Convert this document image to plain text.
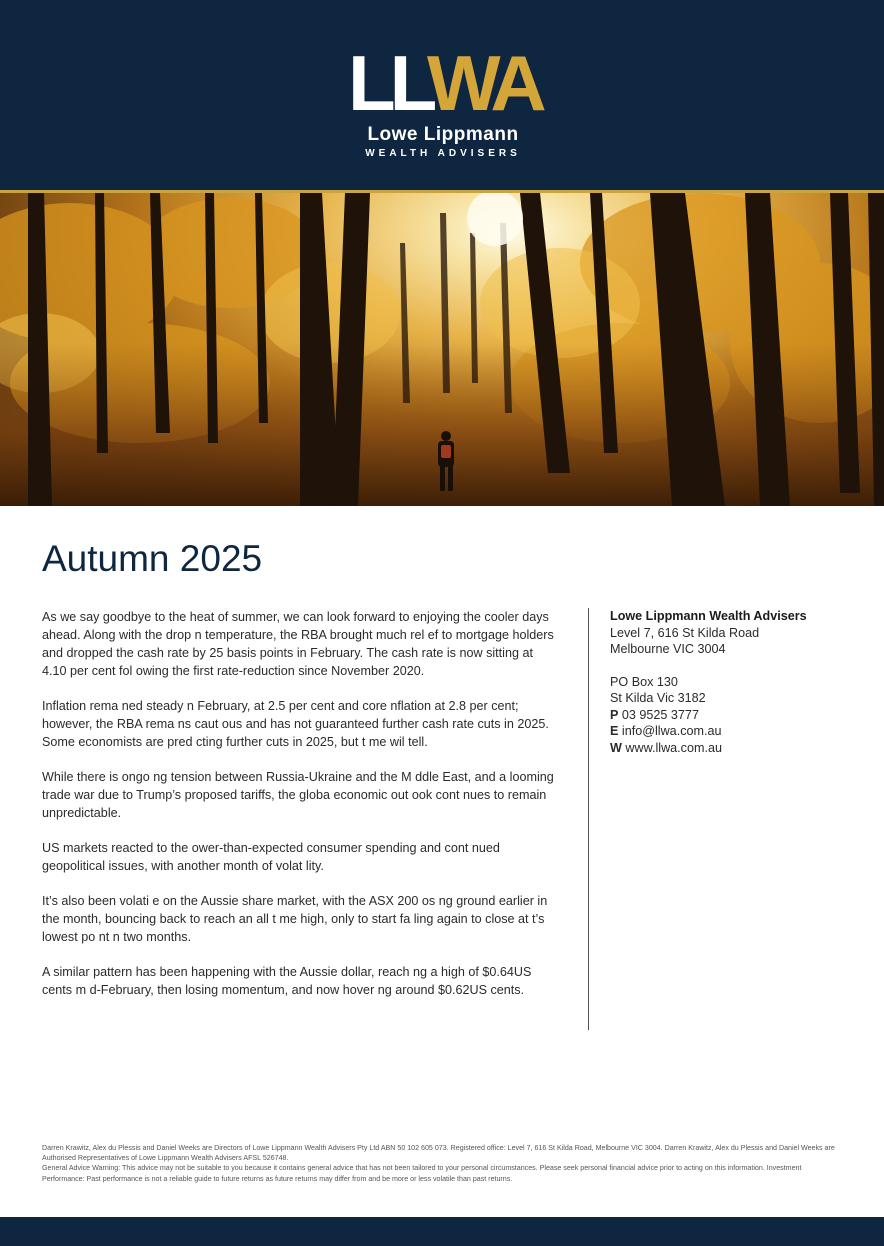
LLWA
Lowe Lippmann
WEALTH ADVISERS
Autumn 2025

As we say goodbye to the heat of summer, we can look forward to enjoying the cooler days ahead. Along with the drop n temperature, the RBA brought much rel ef to mortgage holders and dropped the cash rate by 25 basis points in February. The cash rate is now sitting at 4.10 per cent fol owing the first rate-reduction since November 2020.

Inflation rema ned steady n February, at 2.5 per cent and core nflation at 2.8 per cent; however, the RBA rema ns caut ous and has not guaranteed further cash rate cuts in 2025. Some economists are pred cting further cuts in 2025, but t me wil tell.

While there is ongo ng tension between Russia-Ukraine and the M ddle East, and a looming trade war due to Trump’s proposed tariffs, the globa economic out ook cont nues to remain unpredictable.

US markets reacted to the ower-than-expected consumer spending and cont nued geopolitical issues, with another month of volat lity.

It’s also been volati e on the Aussie share market, with the ASX 200 os ng ground earlier in the month, bouncing back to reach an all t me high, only to start fa ling again to close at t’s lowest po nt n two months.

A similar pattern has been happening with the Aussie dollar, reach ng a high of $0.64US cents m d-February, then losing momentum, and now hover ng around $0.62US cents.

Lowe Lippmann Wealth Advisers
Level 7, 616 St Kilda Road
Melbourne VIC 3004
PO Box 130
St Kilda Vic 3182
P 03 9525 3777
E info@llwa.com.au
W www.llwa.com.au
Darren Krawitz, Alex du Plessis and Daniel Weeks are Directors of Lowe Lippmann Wealth Advisers Pty Ltd ABN 50 102 605 073. Registered office: Level 7, 616 St Kilda Road, Melbourne VIC 3004. Darren Krawitz, Alex du Plessis and Daniel Weeks are Authorised Representatives of Lowe Lippmann Wealth Advisers AFSL 526748.
General Advice Warning: This advice may not be suitable to you because it contains general advice that has not been tailored to your personal circumstances. Please seek personal financial advice prior to acting on this information. Investment Performance: Past performance is not a reliable guide to future returns as future returns may differ from and be more or less volatile than past returns.
